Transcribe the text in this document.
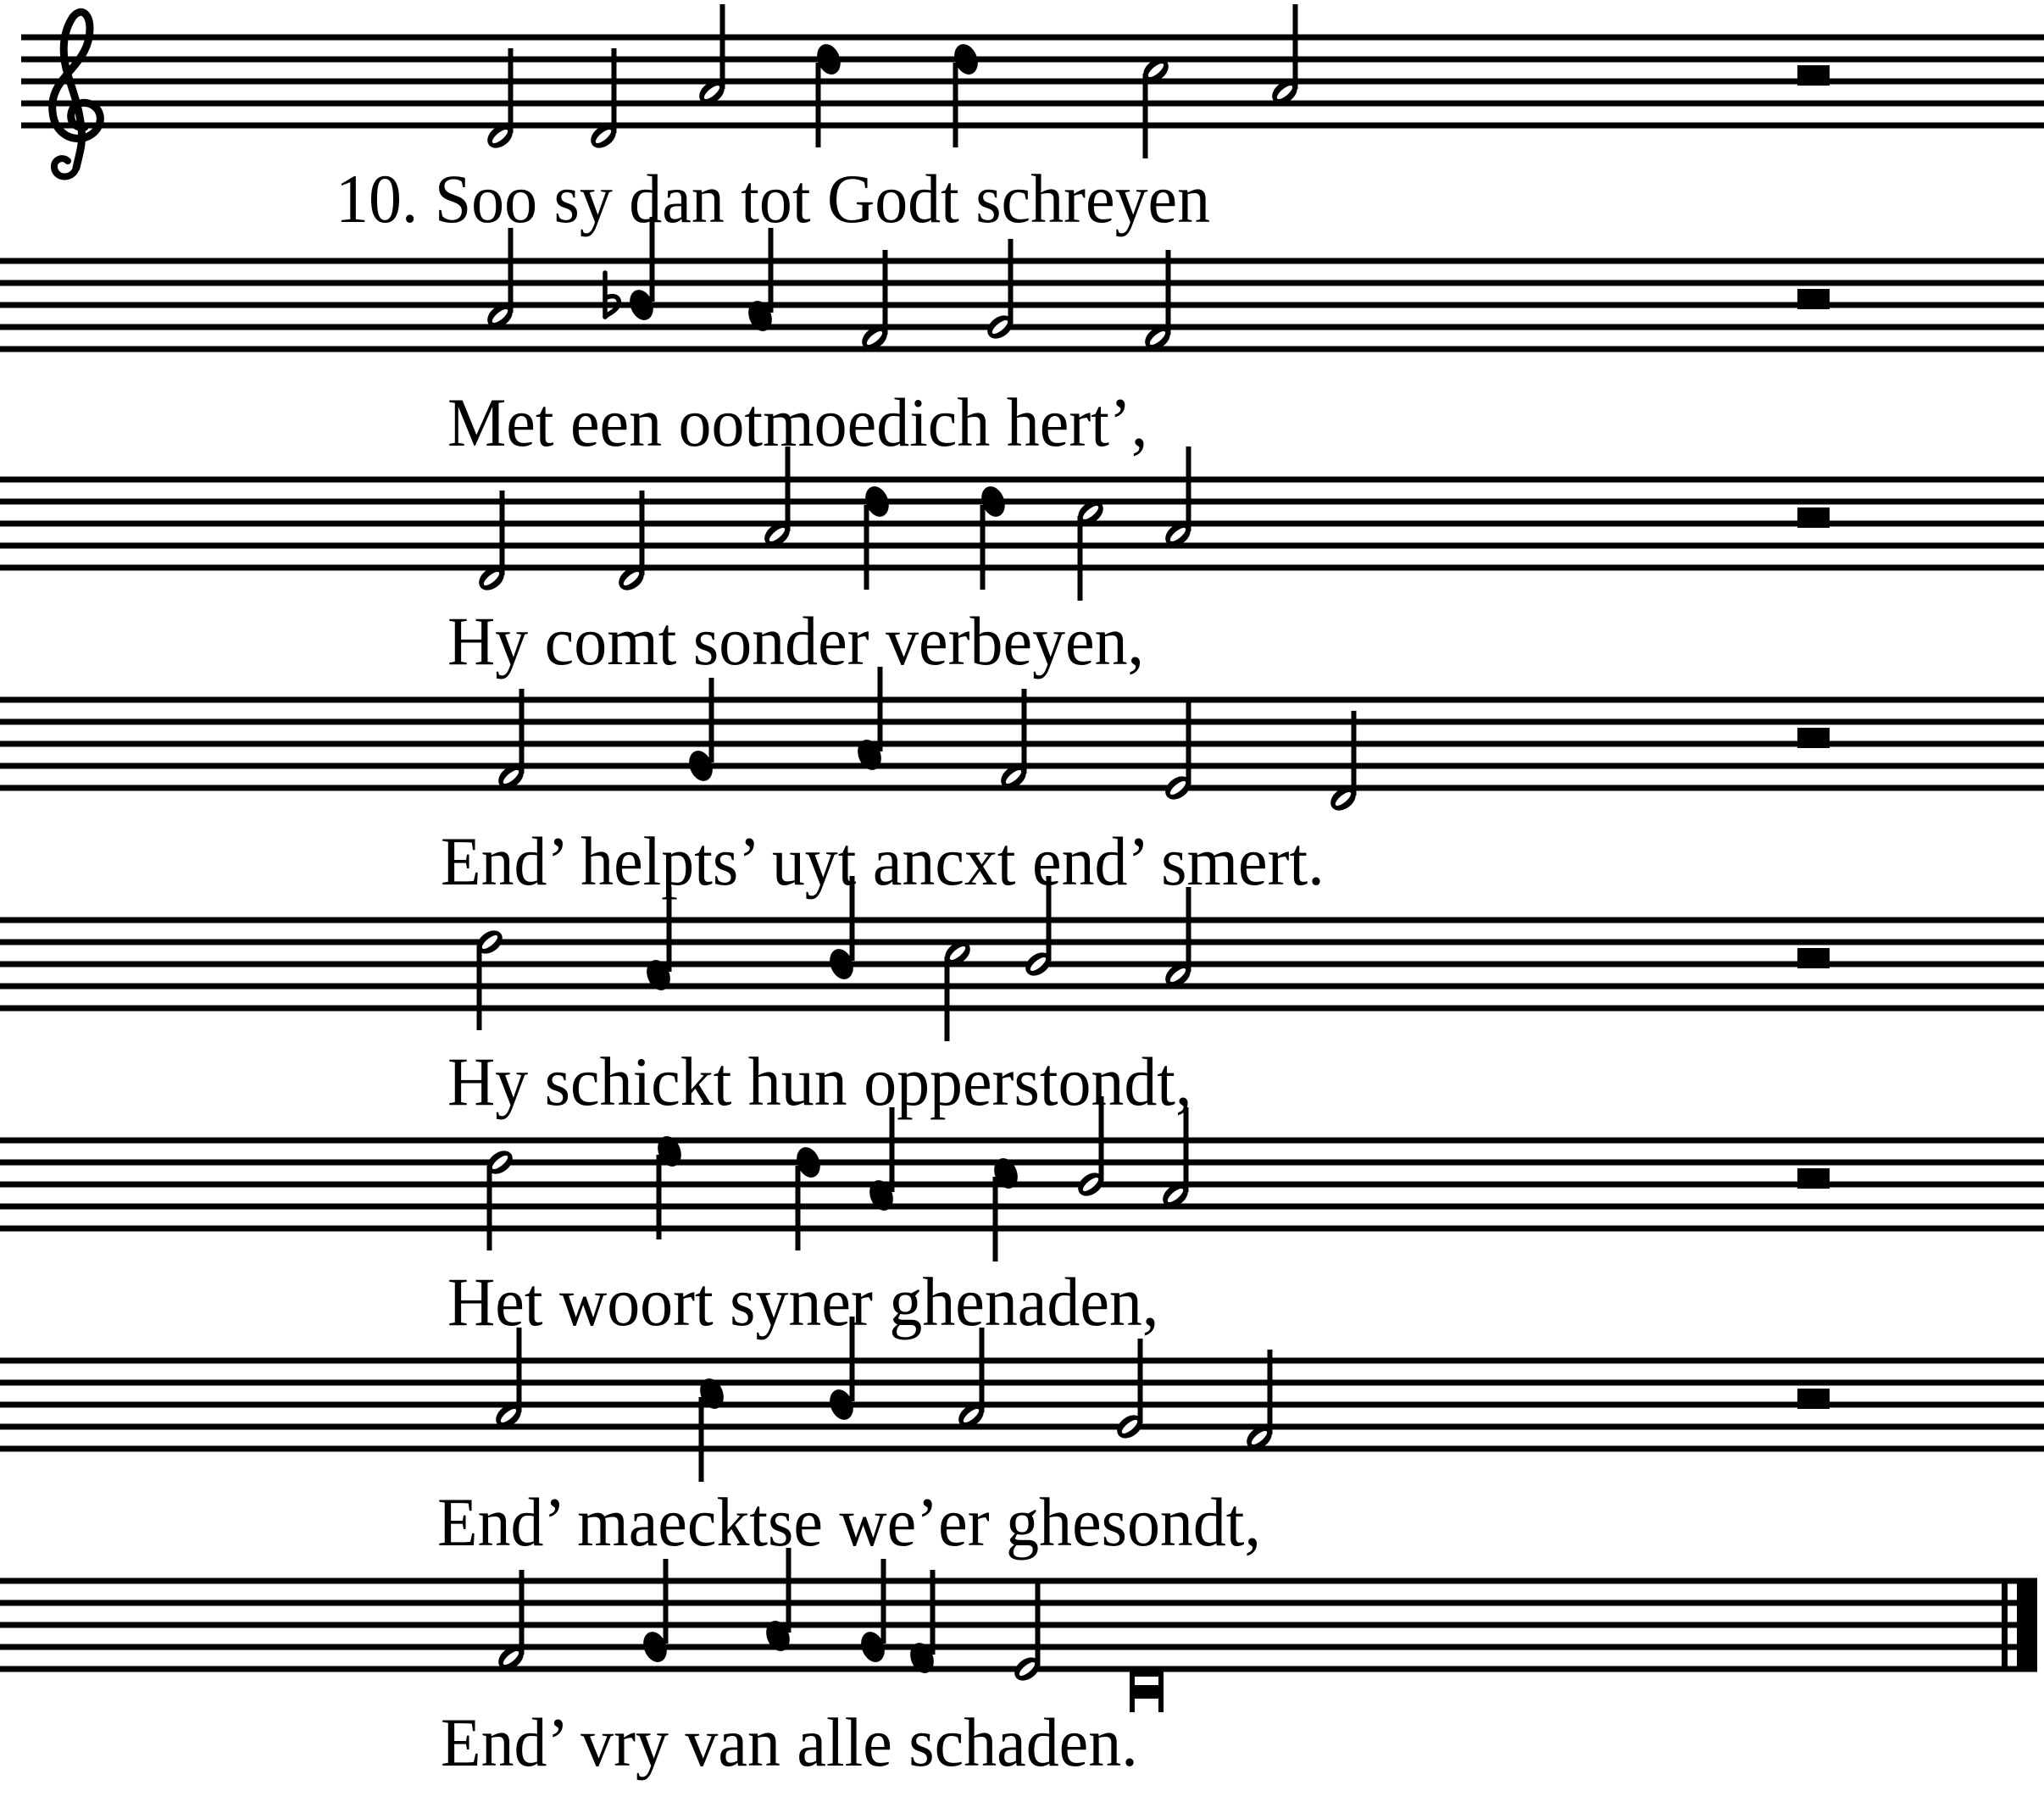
10. Soo sy dan tot Godt schreyen
Met een ootmoedich hert’,
Hy comt sonder verbeyen,
End’ helpts’ uyt ancxt end’ smert.
Hy schickt hun opperstondt,
Het woort syner ghenaden,
End’ maecktse we’er ghesondt,
End’ vry van alle schaden.
